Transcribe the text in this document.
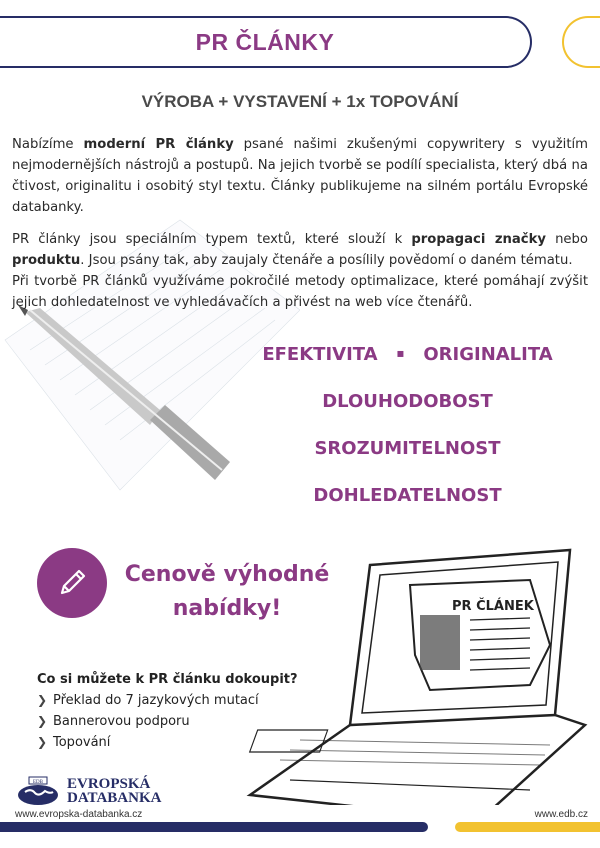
PR ČLÁNKY
VÝROBA + VYSTAVENÍ + 1x TOPOVÁNÍ

Nabízíme moderní PR články psané našimi zkušenými copywritery s využitím nejmodernějších nástrojů a postupů. Na jejich tvorbě se podílí specialista, který dbá na čtivost, originalitu i osobitý styl textu. Články publikujeme na silném portálu Evropské databanky.

PR články jsou speciálním typem textů, které slouží k propagaci značky nebo produktu. Jsou psány tak, aby zaujaly čtenáře a posílily povědomí o daném tématu.

Při tvorbě PR článků využíváme pokročilé metody optimalizace, které pomáhají zvýšit jejich dohledatelnost ve vyhledávačích a přivést na web více čtenářů.

EFEKTIVITA ▪ ORIGINALITA
DLOUHODOBOST
SROZUMITELNOST
DOHLEDATELNOST
Cenově výhodné nabídky!	PR ČLÁNEK
Co si můžete k PR článku dokoupit?
❯ Překlad do 7 jazykových mutací
❯ Bannerovou podporu
❯ Topování
EDB EVROPSKÁ
DATABANKA
www.evropska-databanka.cz	www.edb.cz
